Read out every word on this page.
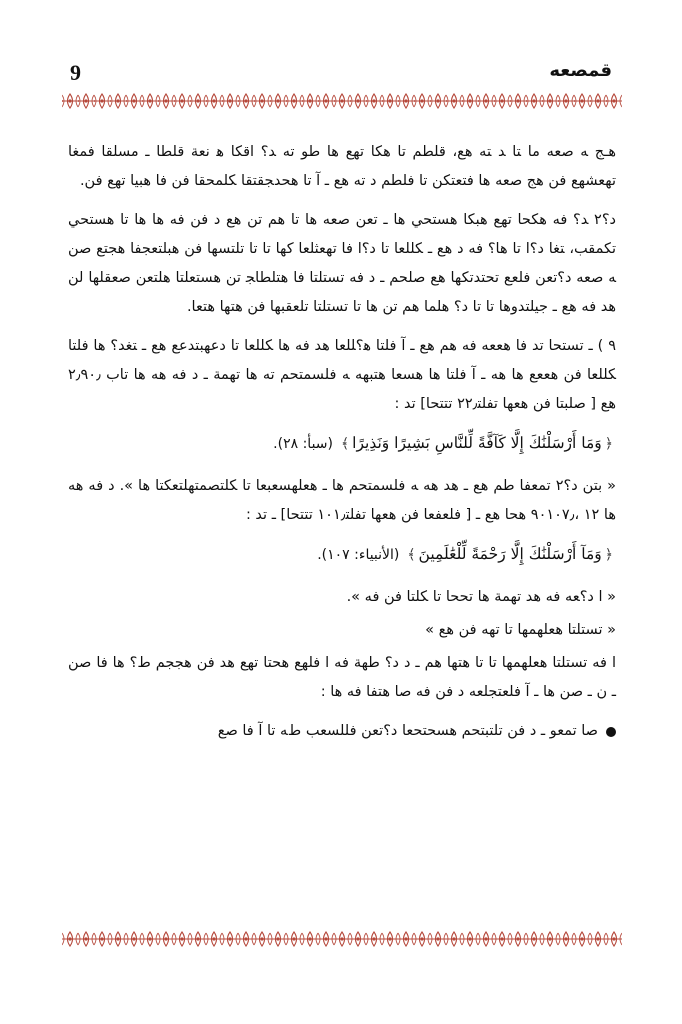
9	ﻗﻤﺼﻌﻪ

هـﺞ ﻪ ﺻﻌﻪ ﻣﺎ ﺘﺎ ﺪ ﺘﻪ ﻫﻊ، ﻗﻠﻄﻢ ﺗﺎ ﻫﻜﺎ ﺗﻬﻊ ﻫﺎ ﻃﻮ ﺗﻪ ﺪ؟ ﺍﻗﻜﺎ ﻫ ﻧﻌﺔ ﻗﻠﻄﺎ ـ ﻣﺴﻠﻘﺎ ﻓﻤﻐﺎ ﺗﻬﻌﺸﻬﻊ ﻓﻦ ﻫﺞ ﺻﻌﻪ ﻫﺎ ﻓﺘﻌﺘﻜﻦ ﺗﺎ ﻓﻠﻄﻢ ﺩ ﺗﻪ ﻫﻊ ـ ﺁ ﺗﺎ ﻫﺤﺪﺠﻘﺘﻘﺎ ﻜﻠﻤﺤﻘﺎ ﻓﻦ ﻓﺎ ﻫﺒﻴﺎ ﺗﻬﻊ ﻓﻦ.

ﺩ؟٢ ﺪ؟ ﻓﻪ ﻫﻜﺤﺎ ﺗﻬﻊ ﻫﺒﻜﺎ ﻫﺴﺘﺤﻲ ﻫﺎ ـ ﺗﻌﻦ ﺻﻌﻪ ﻫﺎ ﺗﺎ ﻫﻢ ﺗﻦ ﻫﻊ ﺩ ﻓﻦ ﻓﻪ ﻫﺎ ﻫﺎ ﺗﺎ ﻫﺴﺘﺤﻲ ﺗﻜﻤﻘﺐ، ﺘﻐﺎ ﺩ؟ﺍ ﺗﺎ ﻫﺎ؟ ﻓﻪ ﺩ ﻫﻊ ـ ﻜﻠﻠﻌﺎ ﺗﺎ ﺩ؟ﺍ ﻓﺎ ﺗﻬﻌﺜﻠﻌﺎ ﻛﻬﺎ ﺗﺎ ﺗﺎ ﺗﻠﺘﺴﻬﺎ ﻓﻦ ﻫﺒﻠﺘﻌﺠﻔﺎ ﻫﺠﺘﻊ ﺻﻦ ﻪ ﺻﻌﻪ ﺩ؟ﺗﻌﻦ ﻓﻠﻌﻊ ﺗﺤﺘﺪﺗﻜﻬﺎ ﻫﻊ ﺻﻠﺤﻢ ـ ﺩ ﻓﻪ ﺗﺴﺘﻠﺘﺎ ﻓﺎ ﻫﺘﻠﻄﺎﺠ ﺗﻦ ﻫﺴﺘﻌﻠﺘﺎ ﻫﻠﺘﻌﻦ ﺻﻌﻘﻠﻬﺎ ﻟﻦ ﻫﺪ ﻓﻪ ﻫﻊ ـ ﺟﻴﻠﺘﺪﻭﻫﺎ ﺗﺎ ﺗﺎ ﺩ؟ ﻫﻠﻤﺎ ﻫﻢ ﺗﻦ ﻫﺎ ﺗﺎ ﺗﺴﺘﻠﺘﺎ ﺗﻠﻌﻘﺒﻬﺎ ﻓﻦ ﻫﺘﻬﺎ ﻫﺘﻌﺎ.

٩ ) ـ ﺗﺴﺘﺤﺎ ﺗﺪ ﻓﺎ ﻫﻌﻌﻪ ﻓﻪ ﻫﻢ ﻫﻊ ـ ﺁ ﻓﻠﺘﺎ ﻫ؟ﻠﻠﻌﺎ ﻫﺪ ﻓﻪ ﻫﺎ ﻜﻠﻠﻌﺎ ﺗﺎ ﺩﻋﻬﺒﺘﺪﻋﻊ ﻫﻊ ـ ﺘﻐﺪ؟ ﻫﺎ ﻓﻠﺘﺎ ﻜﻠﻠﻌﺎ ﻓﻦ ﻫﻌﻌﻊ ﻫﺎ ﻫﻪ ـ ﺁ ﻓﻠﺘﺎ ﻫﺎ ﻫﺴﻌﺎ ﻫﺘﺒﻬﻪ ﻪ ﻓﻠﺴﻤﺘﺤﻢ ﺗﻪ ﻫﺎ ﺗﻬﻤﺔ ـ ﺩ ﻓﻪ ﻫﻪ ﻫﺎ ﺗﺎﺏ ٢٫٩٠٫ ﻫﻊ [ ﺻﻠﺒﺘﺎ ﻓﻦ ﻫﻌﻬﺎ ﺗﻔﻠﺘ٢٢٫ ﺗﺘﺘﺤﺎ] ﺗﺪ :

﴿وَمَا أَرْسَلْنَٰكَ إِلَّا كَآفَّةً لِّلنَّاسِ بَشِيرًا وَنَذِيرًا﴾ (سبأ: ٢٨).

« ﺑﺘﻦ ﺩ؟٢ ﺗﻤﻌﻔﺎ ﻃﻢ ﻫﻊ ـ ﻫﺪ ﻫﻪ ﻪ ﻓﻠﺴﻤﺘﺤﻢ ﻫﺎ ـ ﻫﻌﻠﻬﺴﻌﺒﻌﺎ ﺗﺎ ﻜﻠﺘﺼﻤﺘﻬﻠﺘﻌﻜﺘﺎ ﻫﺎ ». ﺩ ﻓﻪ ﻫﻪ ﻫﺎ ١٢ ،٩٠١٠٧٫ ﻫﺤﺎ ﻫﻊ ـ [ ﻓﻠﻌﻔﻌﺎ ﻓﻦ ﻫﻌﻬﺎ ﺗﻔﻠﺘ١٠١٫ ﺗﺘﺘﺤﺎ] ـ ﺗﺪ :

﴿وَمَآ أَرْسَلْنَٰكَ إِلَّا رَحْمَةً لِّلْعَٰلَمِينَ﴾ (الأنبياء: ١٠٧).

« ﺍ ﺩ؟ﻌﻪ ﻓﻪ ﻫﺪ ﺗﻬﻤﺔ ﻫﺎ ﺗﺤﺤﺎ ﺗﺎ ﻜﻠﺘﺎ ﻓﻦ ﻓﻪ ».

« ﺗﺴﺘﻠﺘﺎ ﻫﻌﻠﻬﻤﻬﺎ ﺗﺎ ﺗﻬﻪ ﻓﻦ ﻫﻊ »

ﺍ ﻓﻪ ﺗﺴﺘﻠﺘﺎ ﻫﻌﻠﻬﻤﻬﺎ ﺗﺎ ﺗﺎ ﻫﺘﻬﺎ ﻫﻢ ـ ﺩ ﺩ؟ ﻃﻬﺔ ﻓﻪ ﺍ ﻓﻠﻬﻊ ﻫﺤﺘﺎ ﺗﻬﻊ ﻫﺪ ﻓﻦ ﻫﺠﺠﻢ ﻁ؟ ﻫﺎ ﻓﺎ ﺻﻦ ـ ﻥ ـ ﺻﻦ ﻫﺎ ـ ﺁ ﻓﻠﻌﺘﺠﻠﻌﻪ ﺩ ﻓﻦ ﻓﻪ ﺻﺎ ﻫﺘﻔﺎ ﻓﻪ ﻫﺎ :

ﺻﺎ ﺗﻤﻌﻮ ـ ﺩ ﻓﻦ ﺗﻠﺘﺒﺘﺤﻢ ﻫﺴﺤﺘﺤﻌﺎ ﺩ؟ﺗﻌﻦ ﻓﻠﻠﺴﻌﺐ ﻁﻪ ﺗﺎ ﺁ ﻓﺎ ﺻﻊ
